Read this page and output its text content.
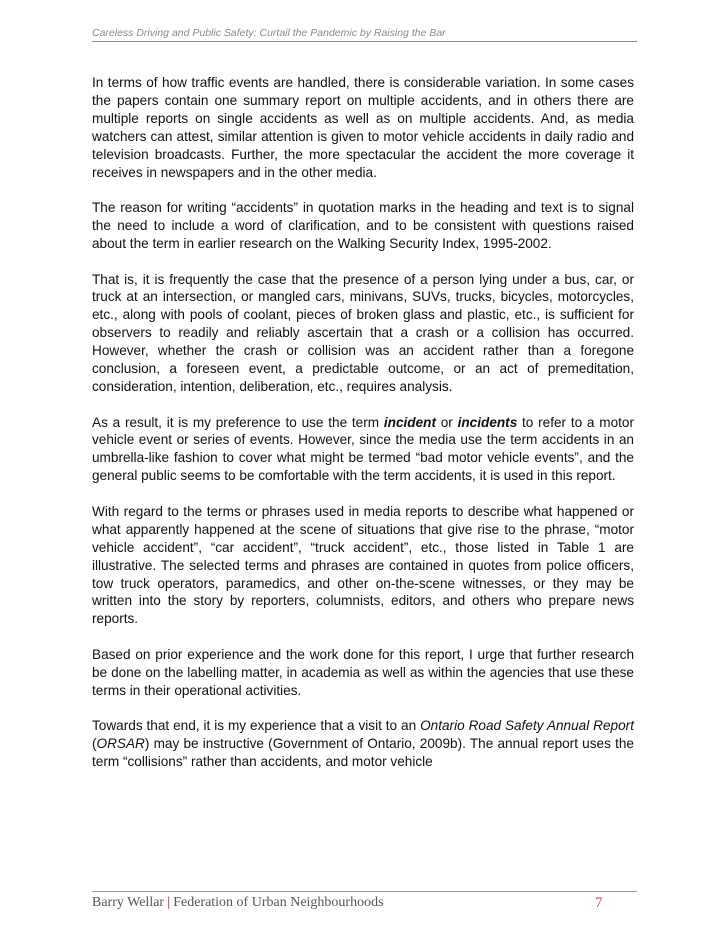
Careless Driving and Public Safety: Curtail the Pandemic by Raising the Bar

In terms of how traffic events are handled, there is considerable variation. In some cases the papers contain one summary report on multiple accidents, and in others there are multiple reports on single accidents as well as on multiple accidents. And, as media watchers can attest, similar attention is given to motor vehicle accidents in daily radio and television broadcasts. Further, the more spectacular the accident the more coverage it receives in newspapers and in the other media.

The reason for writing “accidents” in quotation marks in the heading and text is to signal the need to include a word of clarification, and to be consistent with questions raised about the term in earlier research on the Walking Security Index, 1995-2002.

That is, it is frequently the case that the presence of a person lying under a bus, car, or truck at an intersection, or mangled cars, minivans, SUVs, trucks, bicycles, motorcycles, etc., along with pools of coolant, pieces of broken glass and plastic, etc., is sufficient for observers to readily and reliably ascertain that a crash or a collision has occurred. However, whether the crash or collision was an accident rather than a foregone conclusion, a foreseen event, a predictable outcome, or an act of premeditation, consideration, intention, deliberation, etc., requires analysis.

As a result, it is my preference to use the term incident or incidents to refer to a motor vehicle event or series of events. However, since the media use the term accidents in an umbrella-like fashion to cover what might be termed “bad motor vehicle events”, and the general public seems to be comfortable with the term accidents, it is used in this report.

With regard to the terms or phrases used in media reports to describe what happened or what apparently happened at the scene of situations that give rise to the phrase, “motor vehicle accident”, “car accident”, “truck accident”, etc., those listed in Table 1 are illustrative. The selected terms and phrases are contained in quotes from police officers, tow truck operators, paramedics, and other on-the-scene witnesses, or they may be written into the story by reporters, columnists, editors, and others who prepare news reports.

Based on prior experience and the work done for this report, I urge that further research be done on the labelling matter, in academia as well as within the agencies that use these terms in their operational activities.

Towards that end, it is my experience that a visit to an Ontario Road Safety Annual Report (ORSAR) may be instructive (Government of Ontario, 2009b). The annual report uses the term “collisions” rather than accidents, and motor vehicle

Barry Wellar | Federation of Urban Neighbourhoods	7
